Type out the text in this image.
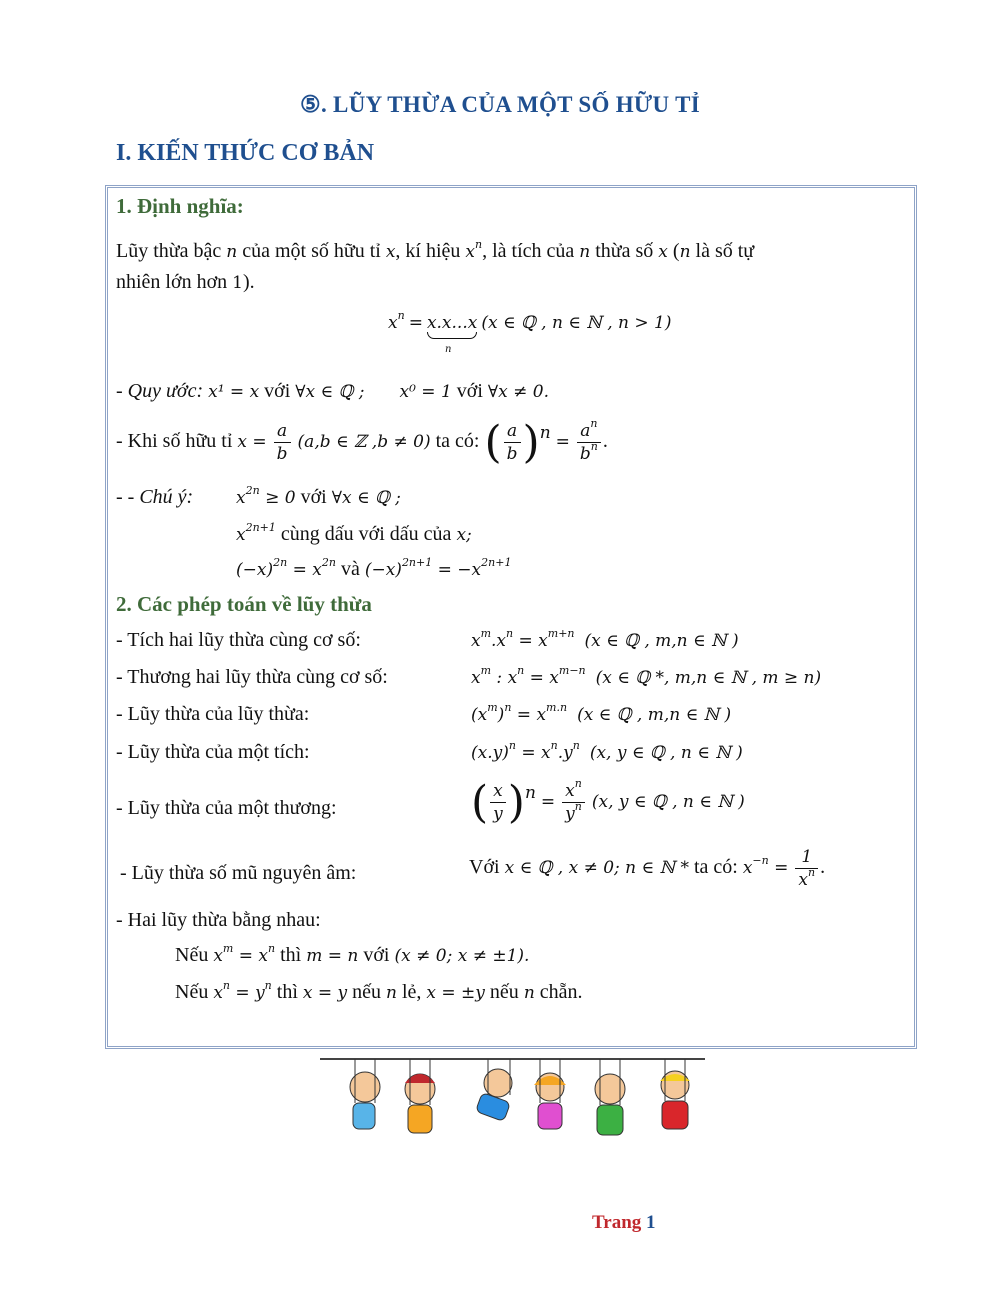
⑤. LŨY THỪA CỦA MỘT SỐ HỮU TỈ
I. KIẾN THỨC CƠ BẢN
1. Định nghĩa:
Lũy thừa bậc n của một số hữu tỉ x, kí hiệu $x^n$, là tích của n thừa số x (n là số tự
nhiên lớn hơn 1).
$x^n = x.x...x$ (x ∈ ℚ , n ∈ ℕ , n > 1)
n
- Quy ước: x¹ = x với ∀x ∈ ℚ ; x⁰ = 1 với ∀x ≠ 0.
- Khi số hữu tỉ $x = \frac{a}{b} (a,b$ ∈ ℤ ,b ≠ 0) ta có: ( $\frac{a}{b} )^n = \frac{a^n}{b^n}$ .
- - Chú ý:	$x^{2n} \ge 0$ với ∀x ∈ ℚ ;
$x^{2n+1}$ cùng dấu với dấu của x;
$(-x)^{2n} = x^{2n}$ và $(-x)^{2n+1} = -x^{2n+1}$
2. Các phép toán về lũy thừa
- Tích hai lũy thừa cùng cơ số:	$x^m.x^n = x^{m+n}$ (x ∈ ℚ , m,n ∈ ℕ )
- Thương hai lũy thừa cùng cơ số:	$x^m$ : $x^n = x^{m-n}$ (x ∈ ℚ *, m,n ∈ ℕ , m ≥ n)
- Lũy thừa của lũy thừa:	$(x^m)^n = x^{m.n}$ (x ∈ ℚ , m,n ∈ ℕ )
- Lũy thừa của một tích:	$(x.y)^n = x^n.y^n$ (x, y ∈ ℚ , n ∈ ℕ )
- Lũy thừa của một thương:	( $\frac{x}{y} )^n = \frac{x^n}{y^n} (x$, y ∈ ℚ , n ∈ ℕ )
- Lũy thừa số mũ nguyên âm:	Với x ∈ ℚ , x ≠ 0; n ∈ ℕ * ta có: $x^{-n} = \frac{1}{x^n}$ .
- Hai lũy thừa bằng nhau:
Nếu $x^m = x^n$ thì m = n với (x ≠ 0; x ≠ ±1).
Nếu $x^n = y^n$ thì x = y nếu n lẻ, x = ±y nếu n chẵn.
Trang 1
